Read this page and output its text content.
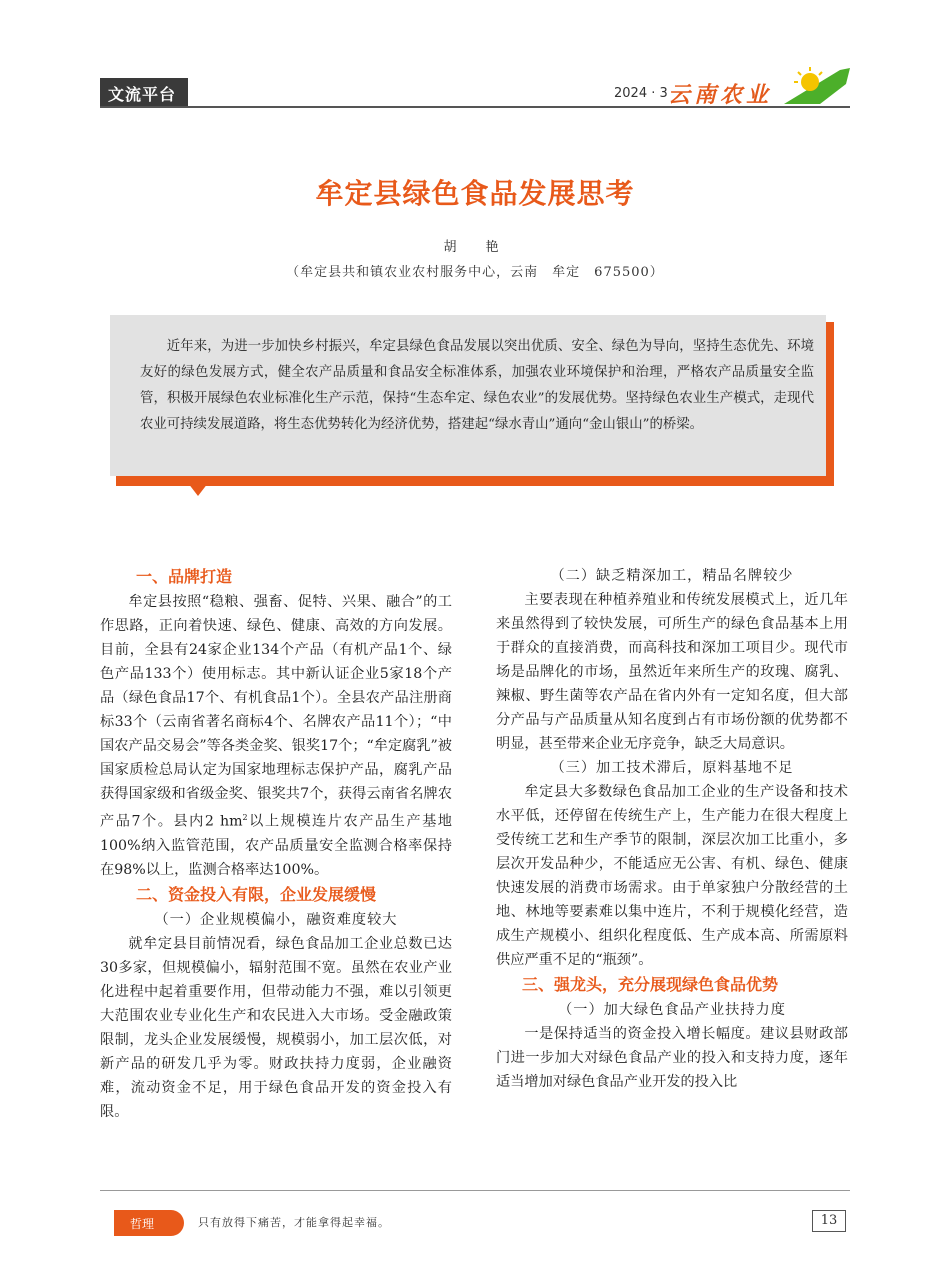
文流平台	2024 · 3 云南农业
牟定县绿色食品发展思考
胡　艳
（牟定县共和镇农业农村服务中心，云南　牟定　675500）
近年来，为进一步加快乡村振兴，牟定县绿色食品发展以突出优质、安全、绿色为导向，坚持生态优先、环境友好的绿色发展方式，健全农产品质量和食品安全标准体系，加强农业环境保护和治理，严格农产品质量安全监管，积极开展绿色农业标准化生产示范，保持“生态牟定、绿色农业”的发展优势。坚持绿色农业生产模式，走现代农业可持续发展道路，将生态优势转化为经济优势，搭建起“绿水青山”通向“金山银山”的桥梁。
一、品牌打造

牟定县按照“稳粮、强畜、促特、兴果、融合”的工作思路，正向着快速、绿色、健康、高效的方向发展。目前，全县有24家企业134个产品（有机产品1个、绿色产品133个）使用标志。其中新认证企业5家18个产品（绿色食品17个、有机食品1个）。全县农产品注册商标33个（云南省著名商标4个、名牌农产品11个）；“中国农产品交易会”等各类金奖、银奖17个；“牟定腐乳”被国家质检总局认定为国家地理标志保护产品，腐乳产品获得国家级和省级金奖、银奖共7个，获得云南省名牌农产品7个。县内2 $hm^2$以上规模连片农产品生产基地100%纳入监管范围，农产品质量安全监测合格率保持在98%以上，监测合格率达100%。

二、资金投入有限，企业发展缓慢
（一）企业规模偏小，融资难度较大

就牟定县目前情况看，绿色食品加工企业总数已达30多家，但规模偏小，辐射范围不宽。虽然在农业产业化进程中起着重要作用，但带动能力不强，难以引领更大范围农业专业化生产和农民进入大市场。受金融政策限制，龙头企业发展缓慢，规模弱小，加工层次低，对新产品的研发几乎为零。财政扶持力度弱，企业融资难，流动资金不足，用于绿色食品开发的资金投入有限。

（二）缺乏精深加工，精品名牌较少

主要表现在种植养殖业和传统发展模式上，近几年来虽然得到了较快发展，可所生产的绿色食品基本上用于群众的直接消费，而高科技和深加工项目少。现代市场是品牌化的市场，虽然近年来所生产的玫瑰、腐乳、辣椒、野生菌等农产品在省内外有一定知名度，但大部分产品与产品质量从知名度到占有市场份额的优势都不明显，甚至带来企业无序竞争，缺乏大局意识。

（三）加工技术滞后，原料基地不足

牟定县大多数绿色食品加工企业的生产设备和技术水平低，还停留在传统生产上，生产能力在很大程度上受传统工艺和生产季节的限制，深层次加工比重小，多层次开发品种少，不能适应无公害、有机、绿色、健康快速发展的消费市场需求。由于单家独户分散经营的土地、林地等要素难以集中连片，不利于规模化经营，造成生产规模小、组织化程度低、生产成本高、所需原料供应严重不足的“瓶颈”。

三、强龙头，充分展现绿色食品优势
（一）加大绿色食品产业扶持力度

一是保持适当的资金投入增长幅度。建议县财政部门进一步加大对绿色食品产业的投入和支持力度，逐年适当增加对绿色食品产业开发的投入比

哲理	只有放得下痛苦，才能拿得起幸福。	13
